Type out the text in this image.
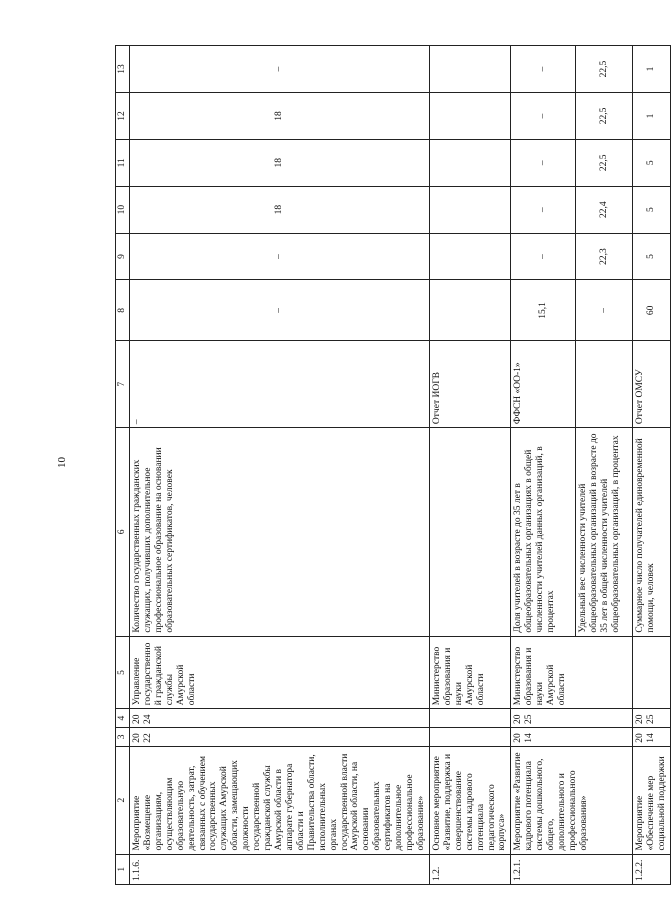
10
1	2	3	4	5	6	7	8	9	10	11	12	13
1.1.6.	Мероприятие «Возмещение организациям, осуществляющим образовательную деятельность, затрат, связанных с обучением государственных служащих Амурской области, замещающих должности государственной гражданской службы Амурской области в аппарате губернатора области и Правительства области, исполнительных органах государственной власти Амурской области, на основании образовательных сертификатов на дополнительное профессиональное образование»	2022	2024	Управление государственной гражданской службы Амурской области	Количество государственных гражданских служащих, получивших дополнительное профессиональное образование на основании образовательных сертификатов, человек	–	–	–	18	18	18	–
1.2.	Основное мероприятие «Развитие, поддержка и совершенствование системы кадрового потенциала педагогического корпуса»			Министерство образования и науки Амурской области		Отчет ИОГВ						
1.2.1.	Мероприятие «Развитие кадрового потенциала системы дошкольного, общего, дополнительного и профессионального образования»	2014	2025	Министерство образования и науки Амурской области	Доля учителей в возрасте до 35 лет в общеобразовательных организациях в общей численности учителей данных организаций, в процентах	ФФСН «ОО-1»	15,1	–	–	–	–	–
					Удельный вес численности учителей общеобразовательных организаций в возрасте до 35 лет в общей численности учителей общеобразовательных организаций, в процентах		–	22,3	22,4	22,5	22,5	22,5
1.2.2.	Мероприятие «Обеспечение мер социальной поддержки	2014	2025		Суммарное число получателей единовременной помощи, человек	Отчет ОМСУ	60	5	5	5	1	1
